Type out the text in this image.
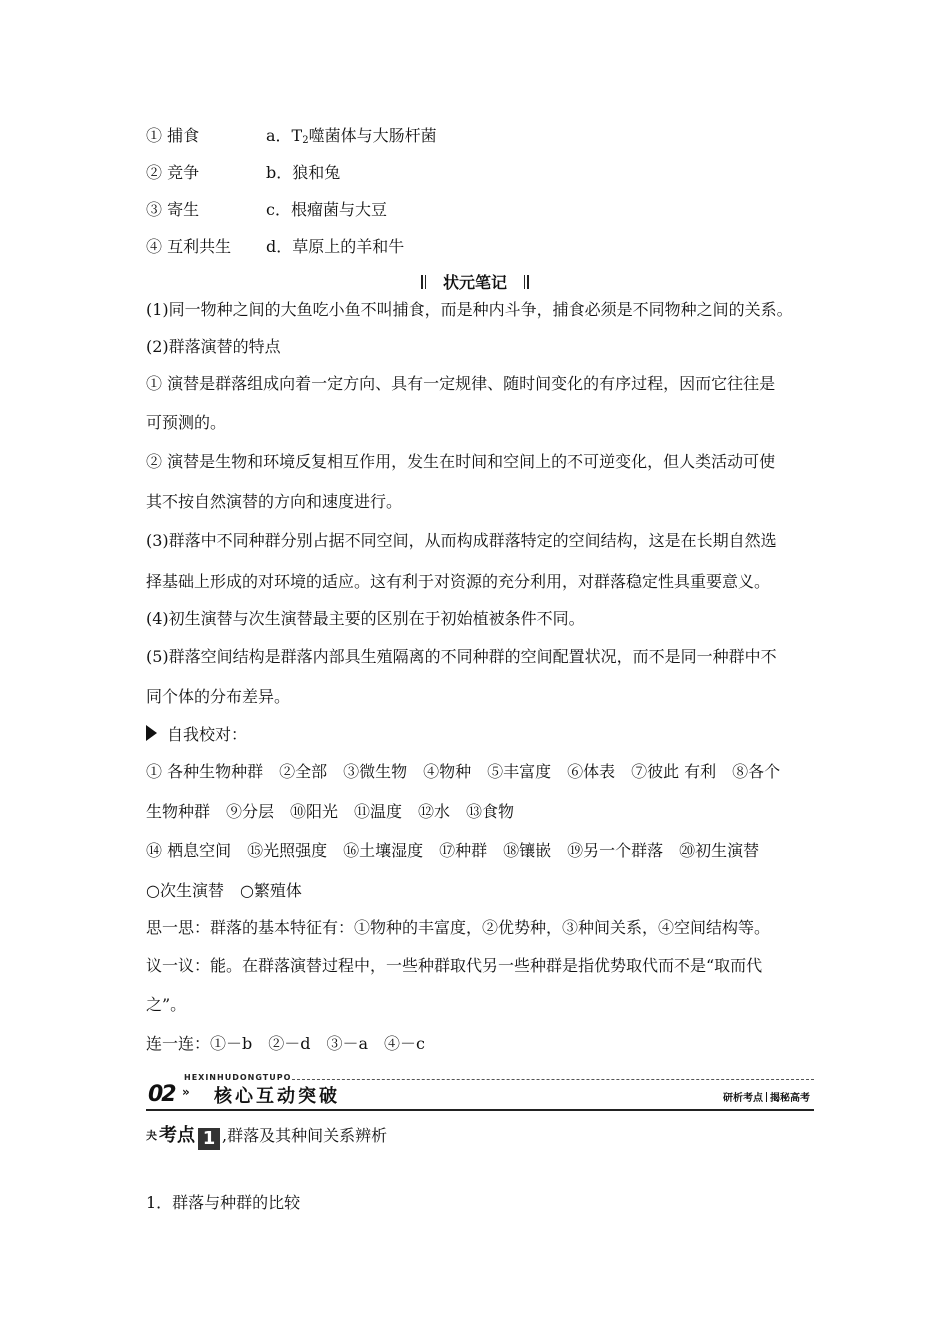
① 捕食	a．$T_2$噬菌体与大肠杆菌
② 竞争	b．狼和兔
③ 寄生	c．根瘤菌与大豆
④ 互利共生 d．草原上的羊和牛
状元笔记
(1)同一物种之间的大鱼吃小鱼不叫捕食，而是种内斗争，捕食必须是不同物种之间的关系。
(2)群落演替的特点
① 演替是群落组成向着一定方向、具有一定规律、随时间变化的有序过程，因而它往往是
可预测的。
② 演替是生物和环境反复相互作用，发生在时间和空间上的不可逆变化，但人类活动可使
其不按自然演替的方向和速度进行。
(3)群落中不同种群分别占据不同空间，从而构成群落特定的空间结构，这是在长期自然选
择基础上形成的对环境的适应。这有利于对资源的充分利用，对群落稳定性具重要意义。
(4)初生演替与次生演替最主要的区别在于初始植被条件不同。
(5)群落空间结构是群落内部具生殖隔离的不同种群的空间配置状况，而不是同一种群中不
同个体的分布差异。
自我校对：
① 各种生物种群　②全部　③微生物　④物种　⑤丰富度　⑥体表　⑦彼此 有利　⑧各个
生物种群　⑨分层　⑩阳光　⑪温度　⑫水　⑬食物
⑭ 栖息空间　⑮光照强度　⑯土壤湿度　⑰种群　⑱镶嵌　⑲另一个群落　⑳初生演替
○次生演替　○繁殖体
思一思：群落的基本特征有：①物种的丰富度，②优势种，③种间关系，④空间结构等。
议一议：能。在群落演替过程中，一些种群取代另一些种群是指优势取代而不是“取而代
之”。
连一连：①－b　②－d　③－a　④－c
02
HEXINHUDONGTUPO
» 核心互动突破	研析考点 揭秘高考
夬 考点 1 ,群落及其种间关系辨析
1．群落与种群的比较
